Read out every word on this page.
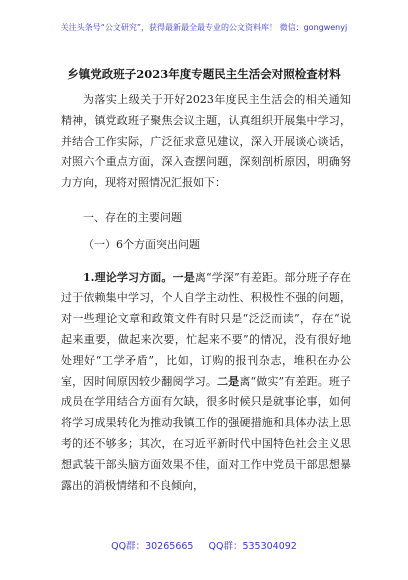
关注头条号“公文研究”，获得最新最全最专业的公文资料库！ 微信：gongwenyj
乡镇党政班子2023年度专题民主生活会对照检查材料

为落实上级关于开好2023年度民主生活会的相关通知精神，镇党政班子聚焦会议主题，认真组织开展集中学习，并结合工作实际，广泛征求意见建议，深入开展谈心谈话，对照六个重点方面，深入查摆问题，深刻剖析原因，明确努力方向，现将对照情况汇报如下：

一、存在的主要问题

（一）6个方面突出问题

1.理论学习方面。一是离“学深”有差距。部分班子存在过于依赖集中学习，个人自学主动性、积极性不强的问题，对一些理论文章和政策文件有时只是“泛泛而读”，存在“说起来重要，做起来次要，忙起来不要”的情况，没有很好地处理好“工学矛盾”，比如，订购的报刊杂志，堆积在办公室，因时间原因较少翻阅学习。二是离“做实”有差距。班子成员在学用结合方面有欠缺，很多时候只是就事论事，如何将学习成果转化为推动我镇工作的强硬措施和具体办法上思考的还不够多；其次，在习近平新时代中国特色社会主义思想武装干部头脑方面效果不佳，面对工作中党员干部思想暴露出的消极情绪和不良倾向，

QQ群：30265665 QQ群：535304092
